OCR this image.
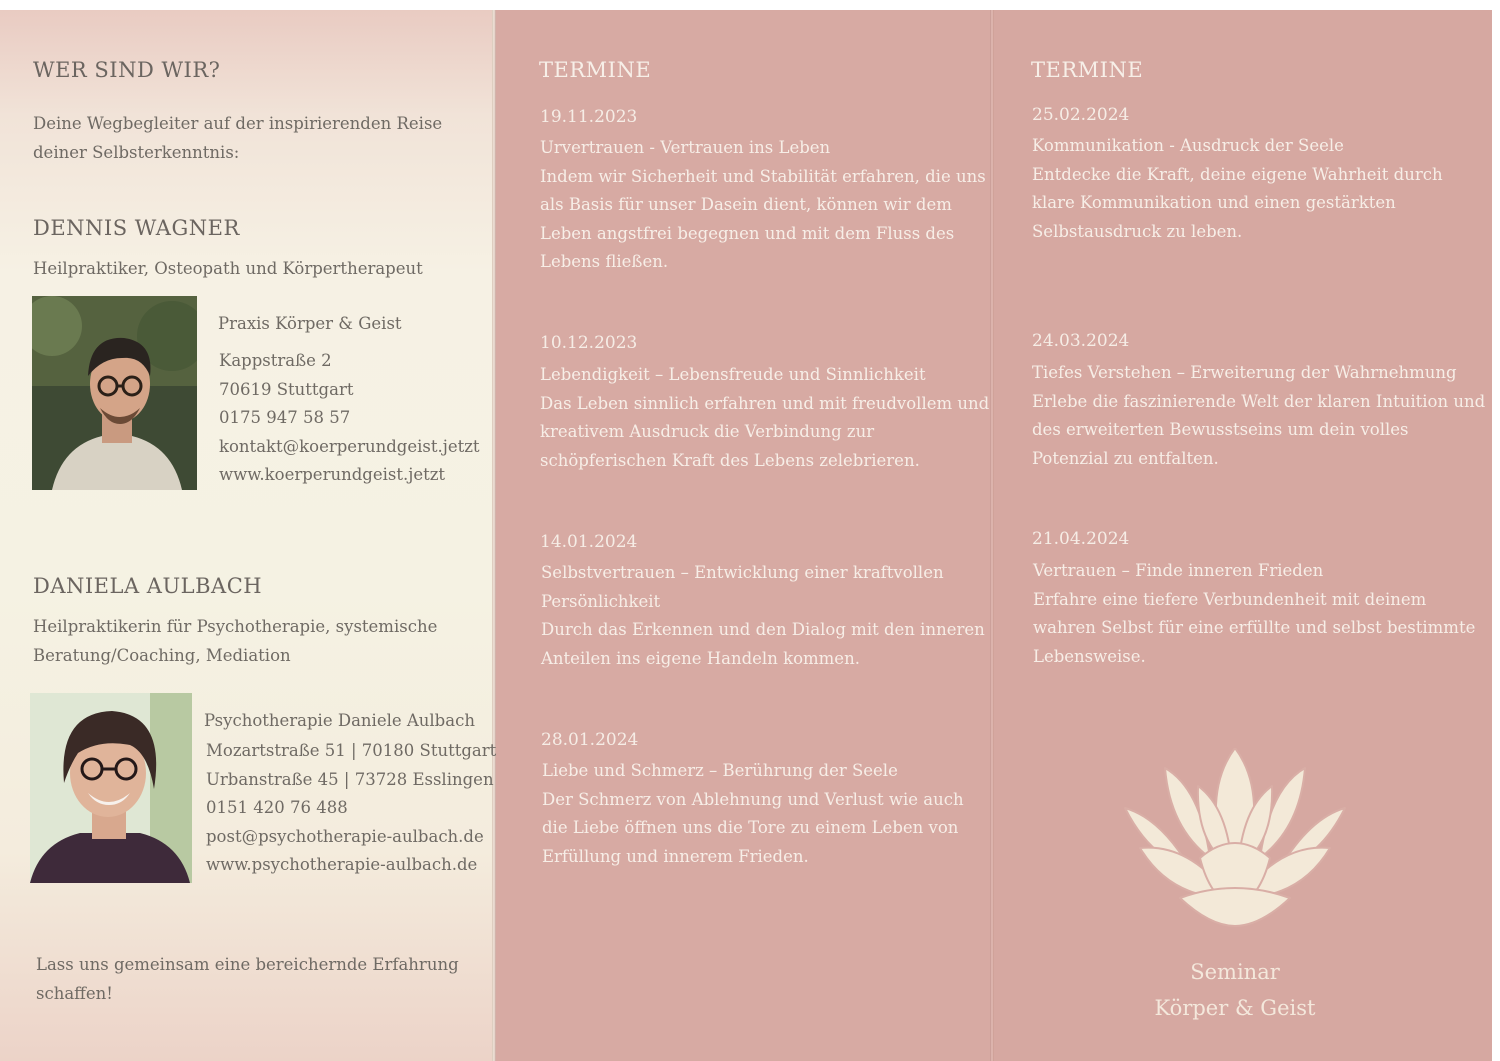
WER SIND WIR?

Deine Wegbegleiter auf der inspirierenden Reise
deiner Selbsterkenntnis:

DENNIS WAGNER

Heilpraktiker, Osteopath und Körpertherapeut

Praxis Körper & Geist

Kappstraße 2
70619 Stuttgart
0175 947 58 57
kontakt@koerperundgeist.jetzt
www.koerperundgeist.jetzt

DANIELA AULBACH

Heilpraktikerin für Psychotherapie, systemische
Beratung/Coaching, Mediation

Psychotherapie Daniele Aulbach

Mozartstraße 51 | 70180 Stuttgart
Urbanstraße 45 | 73728 Esslingen
0151 420 76 488
post@psychotherapie-aulbach.de
www.psychotherapie-aulbach.de

Lass uns gemeinsam eine bereichernde Erfahrung
schaffen!

TERMINE

19.11.2023

Urvertrauen - Vertrauen ins Leben
Indem wir Sicherheit und Stabilität erfahren, die uns
als Basis für unser Dasein dient, können wir dem
Leben angstfrei begegnen und mit dem Fluss des
Lebens fließen.

10.12.2023

Lebendigkeit – Lebensfreude und Sinnlichkeit
Das Leben sinnlich erfahren und mit freudvollem und
kreativem Ausdruck die Verbindung zur
schöpferischen Kraft des Lebens zelebrieren.

14.01.2024

Selbstvertrauen – Entwicklung einer kraftvollen
Persönlichkeit
Durch das Erkennen und den Dialog mit den inneren
Anteilen ins eigene Handeln kommen.

28.01.2024

Liebe und Schmerz – Berührung der Seele
Der Schmerz von Ablehnung und Verlust wie auch
die Liebe öffnen uns die Tore zu einem Leben von
Erfüllung und innerem Frieden.

TERMINE

25.02.2024

Kommunikation - Ausdruck der Seele
Entdecke die Kraft, deine eigene Wahrheit durch
klare Kommunikation und einen gestärkten
Selbstausdruck zu leben.

24.03.2024

Tiefes Verstehen – Erweiterung der Wahrnehmung
Erlebe die faszinierende Welt der klaren Intuition und
des erweiterten Bewusstseins um dein volles
Potenzial zu entfalten.

21.04.2024

Vertrauen – Finde inneren Frieden
Erfahre eine tiefere Verbundenheit mit deinem
wahren Selbst für eine erfüllte und selbst bestimmte
Lebensweise.

Seminar

Körper & Geist
